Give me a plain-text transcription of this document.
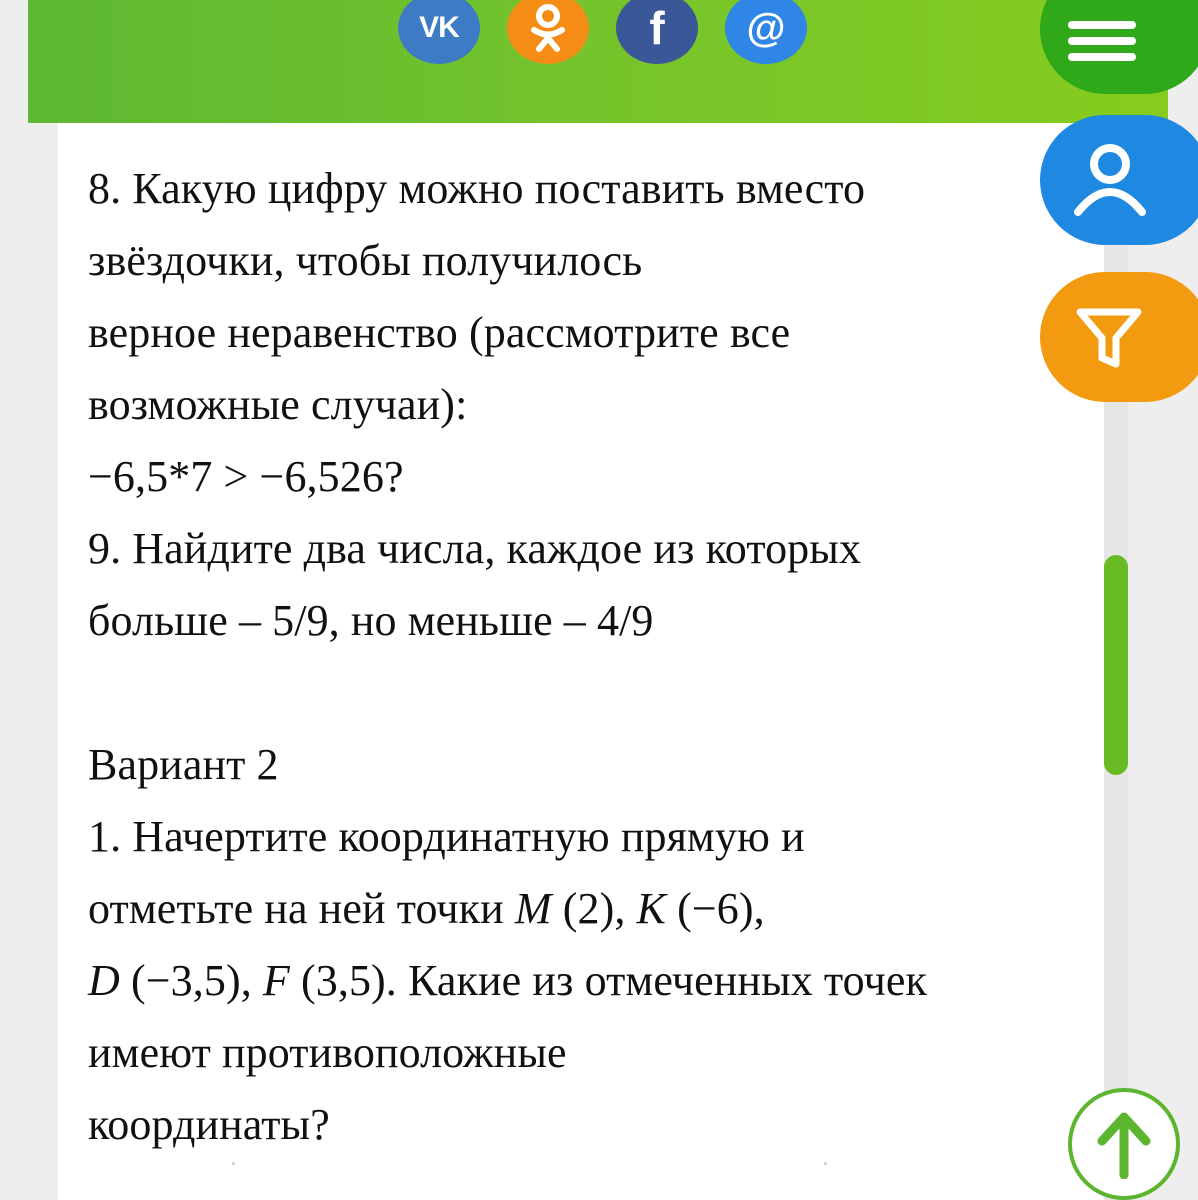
VK	f @

8. Какую цифру можно поставить вместо

звёздочки, чтобы получилось

верное неравенство (рассмотрите все

возможные случаи):

−6,5*7 > −6,526?

9. Найдите два числа, каждое из которых

больше – 5/9, но меньше – 4/9

Вариант 2

1. Начертите координатную прямую и

отметьте на ней точки M (2), K (−6),

D (−3,5), F (3,5). Какие из отмеченных точек

имеют противоположные

координаты?
